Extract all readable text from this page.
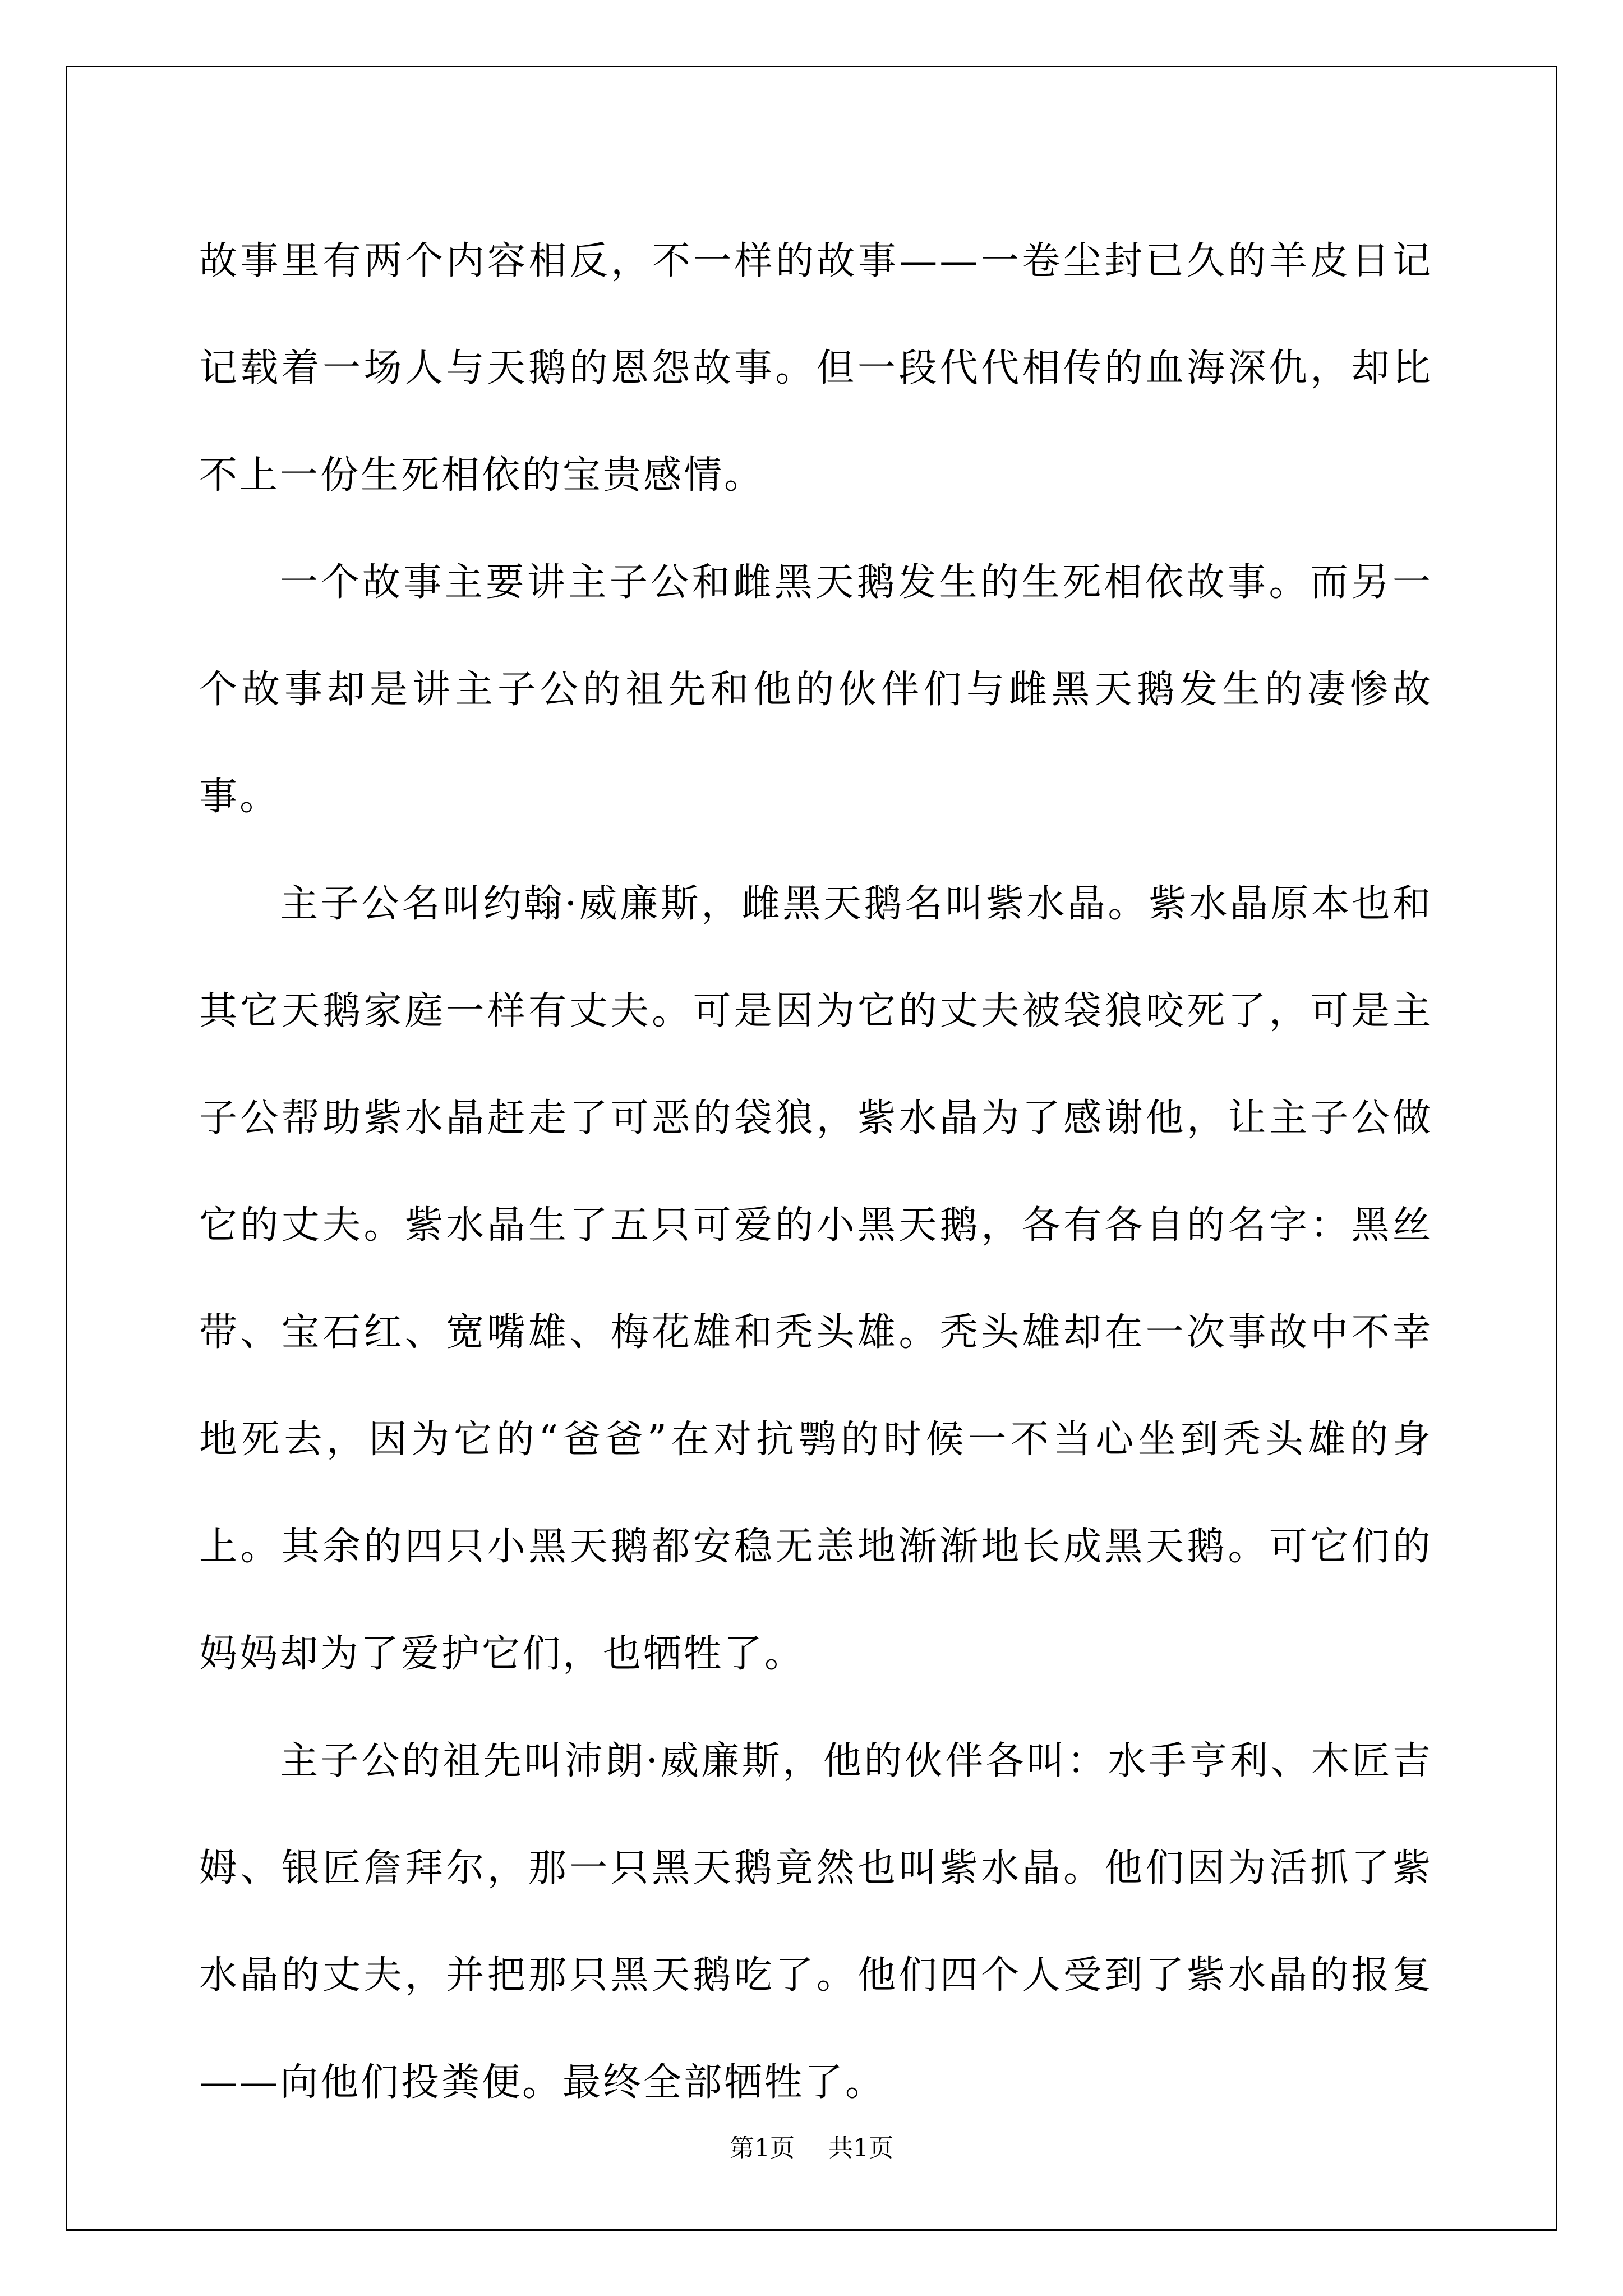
故事里有两个内容相反，不一样的故事——一卷尘封已久的羊皮日记记载着一场人与天鹅的恩怨故事。但一段代代相传的血海深仇，却比不上一份生死相依的宝贵感情。

一个故事主要讲主子公和雌黑天鹅发生的生死相依故事。而另一个故事却是讲主子公的祖先和他的伙伴们与雌黑天鹅发生的凄惨故事。

主子公名叫约翰·威廉斯，雌黑天鹅名叫紫水晶。紫水晶原本也和其它天鹅家庭一样有丈夫。可是因为它的丈夫被袋狼咬死了，可是主子公帮助紫水晶赶走了可恶的袋狼，紫水晶为了感谢他，让主子公做它的丈夫。紫水晶生了五只可爱的小黑天鹅，各有各自的名字：黑丝带、宝石红、宽嘴雄、梅花雄和秃头雄。秃头雄却在一次事故中不幸地死去，因为它的“爸爸”在对抗鹗的时候一不当心坐到秃头雄的身上。其余的四只小黑天鹅都安稳无恙地渐渐地长成黑天鹅。可它们的妈妈却为了爱护它们，也牺牲了。

主子公的祖先叫沛朗·威廉斯，他的伙伴各叫：水手亨利、木匠吉姆、银匠詹拜尔，那一只黑天鹅竟然也叫紫水晶。他们因为活抓了紫水晶的丈夫，并把那只黑天鹅吃了。他们四个人受到了紫水晶的报复——向他们投粪便。最终全部牺牲了。

第1页 共1页
